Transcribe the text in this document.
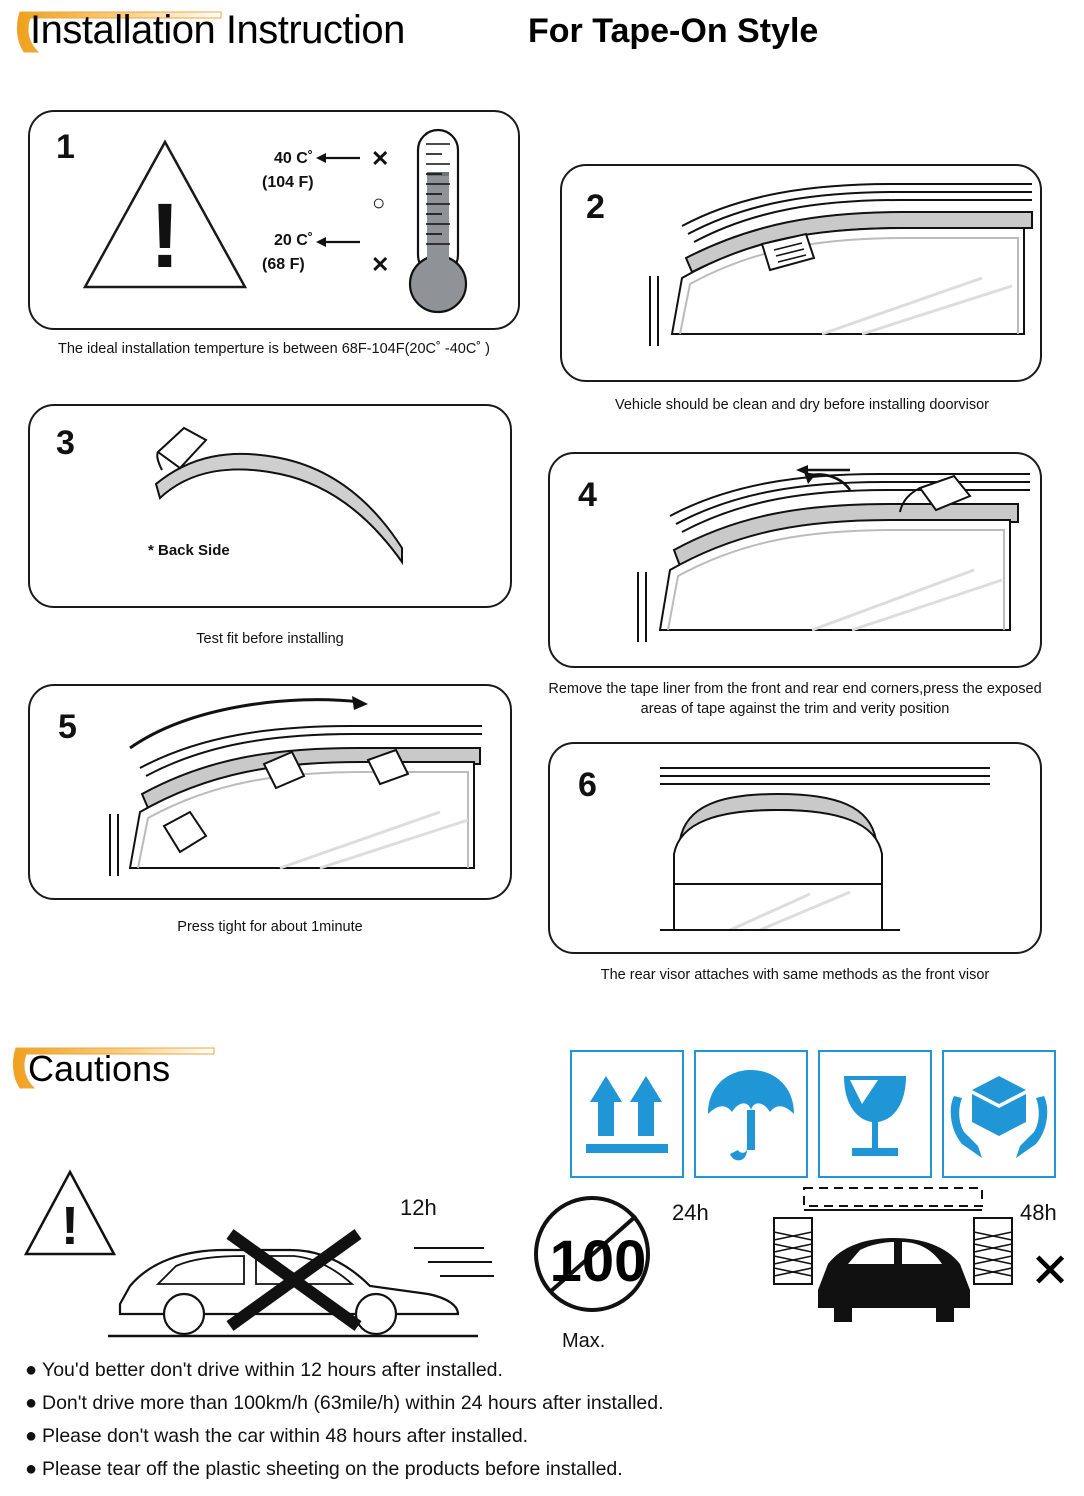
Installation Instruction	For Tape-On Style
1
!
40 C˚
(104 F)
20 C˚
(68 F)
✕
○
✕
The ideal installation temperture is between 68F-104F(20C˚ -40C˚ )
2
Vehicle should be clean and dry before installing doorvisor
3
* Back Side
Test fit before installing
4
Remove the tape liner from the front and rear end corners,press the exposed areas of tape against the trim and verity position
5
Press tight for about 1minute
6
The rear visor attaches with same methods as the front visor
Cautions
!	12h
100
Max.
24h	48h
✕
● You'd better don't drive within 12 hours after installed.
● Don't drive more than 100km/h (63mile/h) within 24 hours after installed.
● Please don't wash the car within 48 hours after installed.
● Please tear off the plastic sheeting on the products before installed.
